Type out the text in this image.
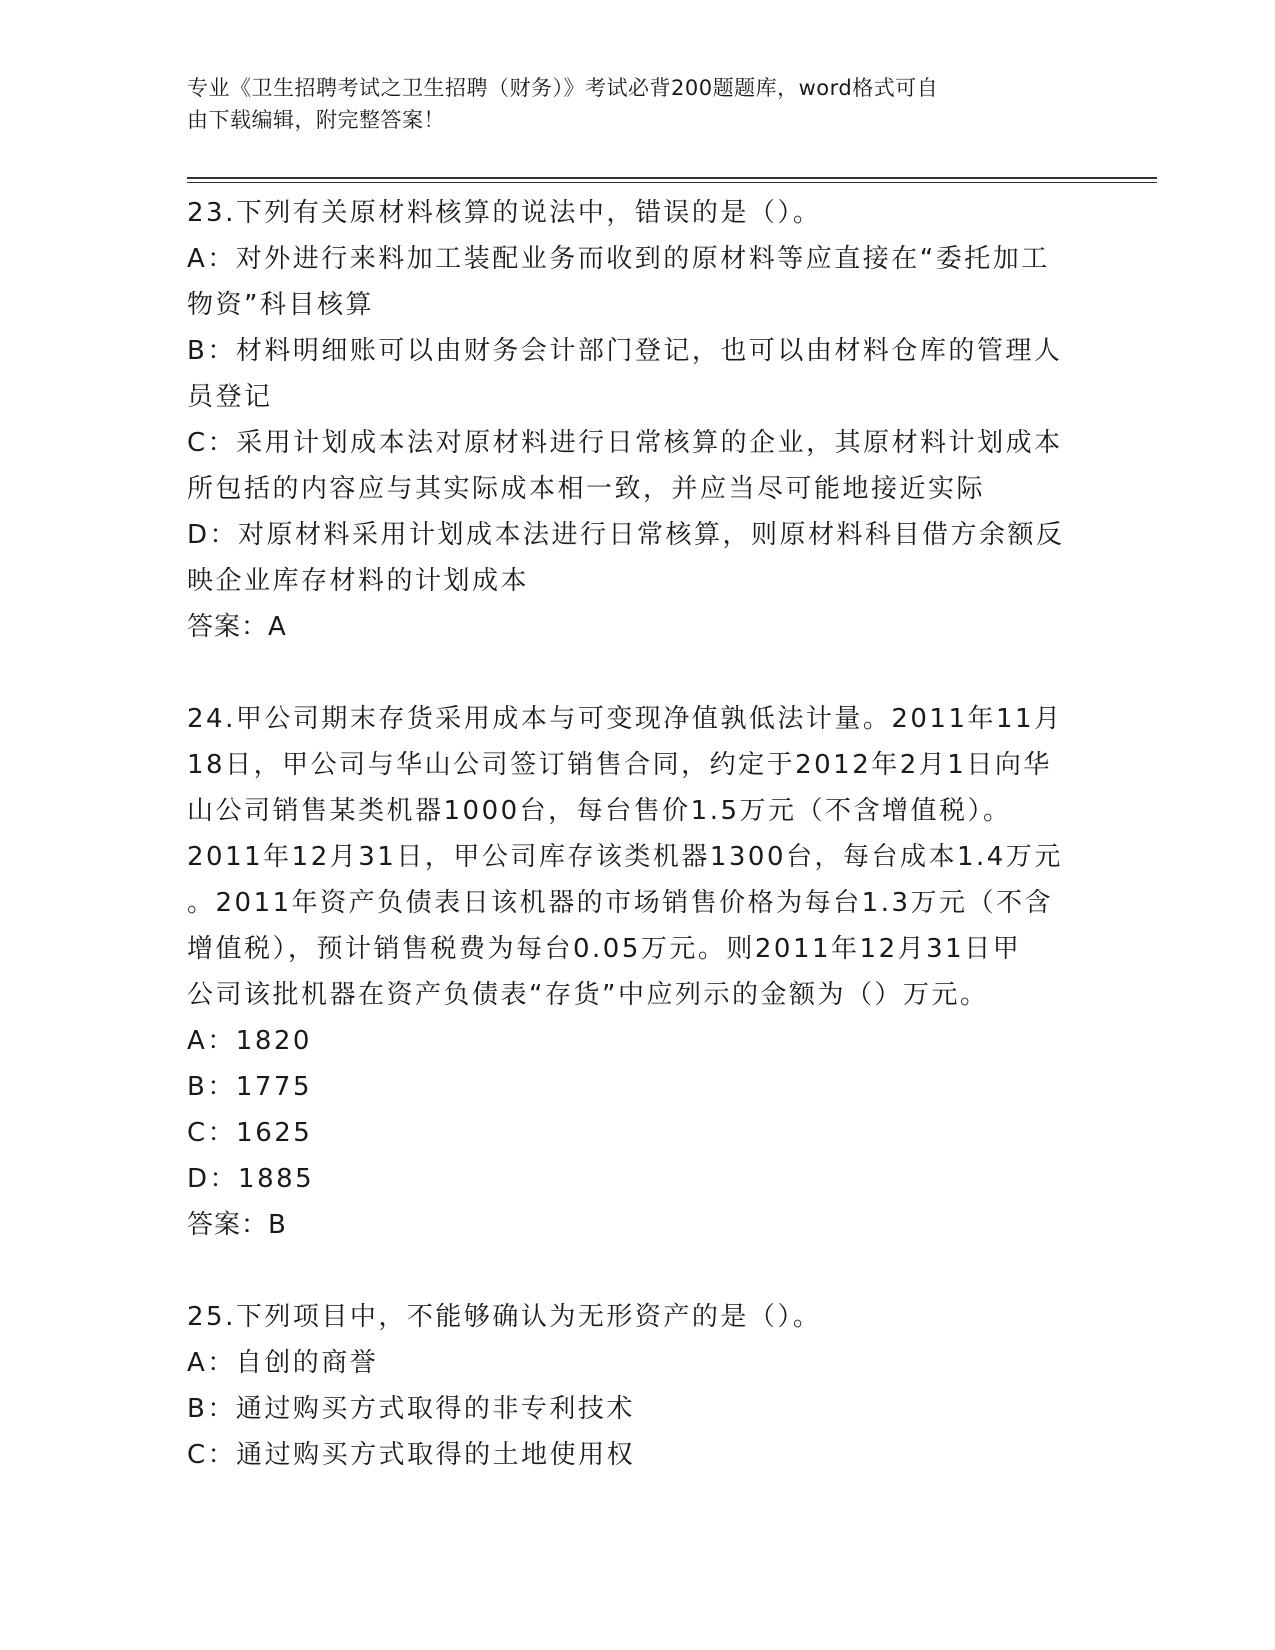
专业《卫生招聘考试之卫生招聘（财务）》考试必背200题题库，word格式可自
由下载编辑，附完整答案！
23.下列有关原材料核算的说法中，错误的是（）。
A：对外进行来料加工装配业务而收到的原材料等应直接在“委托加工
物资”科目核算
B：材料明细账可以由财务会计部门登记，也可以由材料仓库的管理人
员登记
C：采用计划成本法对原材料进行日常核算的企业，其原材料计划成本
所包括的内容应与其实际成本相一致，并应当尽可能地接近实际
D：对原材料采用计划成本法进行日常核算，则原材料科目借方余额反
映企业库存材料的计划成本
答案：A
24.甲公司期末存货采用成本与可变现净值孰低法计量。2011年11月
18日，甲公司与华山公司签订销售合同，约定于2012年2月1日向华
山公司销售某类机器1000台，每台售价1.5万元（不含增值税）。
2011年12月31日，甲公司库存该类机器1300台，每台成本1.4万元
。2011年资产负债表日该机器的市场销售价格为每台1.3万元（不含
增值税），预计销售税费为每台0.05万元。则2011年12月31日甲
公司该批机器在资产负债表“存货”中应列示的金额为（）万元。
A：1820
B：1775
C：1625
D：1885
答案：B
25.下列项目中，不能够确认为无形资产的是（）。
A：自创的商誉
B：通过购买方式取得的非专利技术
C：通过购买方式取得的土地使用权
